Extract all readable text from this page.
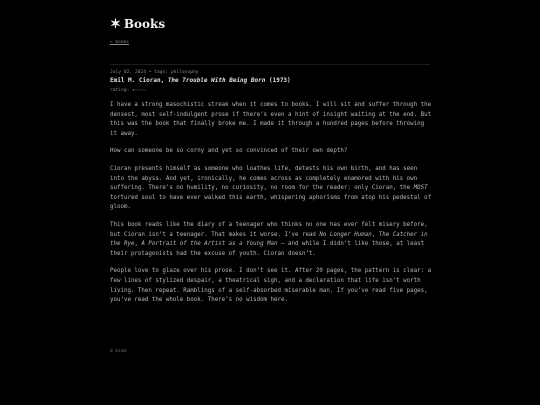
✶ Books
← books
July 02, 2024 • tags: philosophy
Emil M. Cioran, The Trouble With Being Born (1973)
rating: ★☆☆☆☆

I have a strong masochistic streak when it comes to books. I will sit and suffer through the densest, most self-indulgent prose if there’s even a hint of insight waiting at the end. But this was the book that finally broke me. I made it through a hundred pages before throwing it away.

How can someone be so corny and yet so convinced of their own depth?

Cioran presents himself as someone who loathes life, detests his own birth, and has seen into the abyss. And yet, ironically, he comes across as completely enamored with his own suffering. There’s no humility, no curiosity, no room for the reader: only Cioran, the MOST tortured soul to have ever walked this earth, whispering aphorisms from atop his pedestal of gloom.

This book reads like the diary of a teenager who thinks no one has ever felt misery before, but Cioran isn’t a teenager. That makes it worse. I’ve read No Longer Human, The Catcher in the Rye, A Portrait of the Artist as a Young Man — and while I didn’t like those, at least their protagonists had the excuse of youth. Cioran doesn’t.

People love to glaze over his prose. I don’t see it. After 20 pages, the pattern is clear: a few lines of stylized despair, a theatrical sigh, and a declaration that life isn’t worth living. Then repeat. Ramblings of a self-absorbed miserable man. If you’ve read five pages, you’ve read the whole book. There’s no wisdom here.

© mimo
